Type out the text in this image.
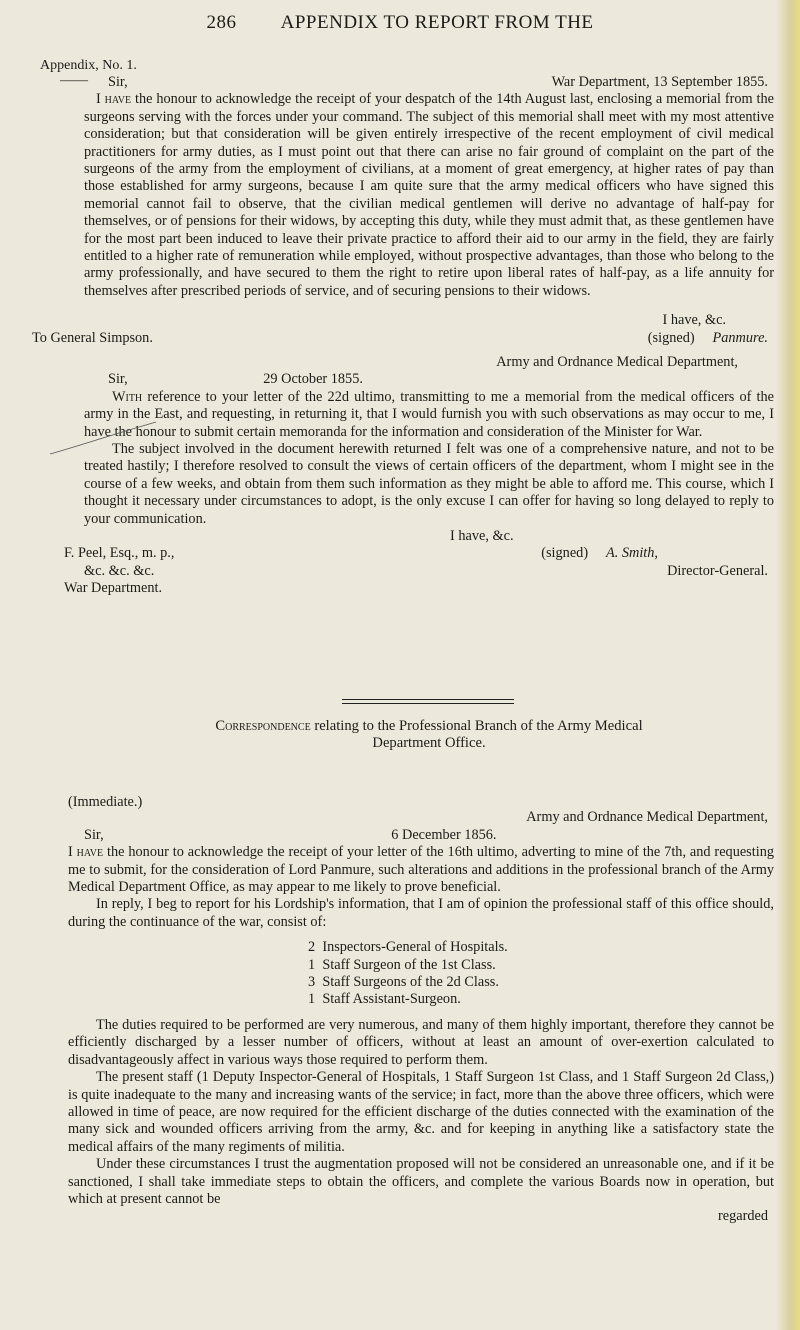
286 APPENDIX TO REPORT FROM THE
Appendix, No. 1.
—— Sir,	War Department, 13 September 1855.
I have the honour to acknowledge the receipt of your despatch of the 14th August last, enclosing a memorial from the surgeons serving with the forces under your command. The subject of this memorial shall meet with my most attentive consideration; but that consideration will be given entirely irrespective of the recent employment of civil medical practitioners for army duties, as I must point out that there can arise no fair ground of complaint on the part of the surgeons of the army from the employment of civilians, at a moment of great emergency, at higher rates of pay than those established for army surgeons, because I am quite sure that the army medical officers who have signed this memorial cannot fail to observe, that the civilian medical gentlemen will derive no advantage of half-pay for themselves, or of pensions for their widows, by accepting this duty, while they must admit that, as these gentlemen have for the most part been induced to leave their private practice to afford their aid to our army in the field, they are fairly entitled to a higher rate of remuneration while employed, without prospective advantages, than those who belong to the army professionally, and have secured to them the right to retire upon liberal rates of half-pay, as a life annuity for themselves after prescribed periods of service, and of securing pensions to their widows.
I have, &c.
To General Simpson.	(signed) Panmure.
Army and Ordnance Medical Department,
Sir,	29 October 1855.
With reference to your letter of the 22d ultimo, transmitting to me a memorial from the medical officers of the army in the East, and requesting, in returning it, that I would furnish you with such observations as may occur to me, I have the honour to submit certain memoranda for the information and consideration of the Minister for War.
The subject involved in the document herewith returned I felt was one of a comprehensive nature, and not to be treated hastily; I therefore resolved to consult the views of certain officers of the department, whom I might see in the course of a few weeks, and obtain from them such information as they might be able to afford me. This course, which I thought it necessary under circumstances to adopt, is the only excuse I can offer for having so long delayed to reply to your communication.
I have, &c.
F. Peel, Esq., m. p.,	(signed) A. Smith,
&c. &c. &c.	Director-General.
War Department.
Correspondence relating to the Professional Branch of the Army Medical
Department Office.
(Immediate.)
Army and Ordnance Medical Department,
Sir,	6 December 1856.
I have the honour to acknowledge the receipt of your letter of the 16th ultimo, adverting to mine of the 7th, and requesting me to submit, for the consideration of Lord Panmure, such alterations and additions in the professional branch of the Army Medical Department Office, as may appear to me likely to prove beneficial.
In reply, I beg to report for his Lordship's information, that I am of opinion the professional staff of this office should, during the continuance of the war, consist of:
2 Inspectors-General of Hospitals.
1 Staff Surgeon of the 1st Class.
3 Staff Surgeons of the 2d Class.
1 Staff Assistant-Surgeon.
The duties required to be performed are very numerous, and many of them highly important, therefore they cannot be efficiently discharged by a lesser number of officers, without at least an amount of over-exertion calculated to disadvantageously affect in various ways those required to perform them.
The present staff (1 Deputy Inspector-General of Hospitals, 1 Staff Surgeon 1st Class, and 1 Staff Surgeon 2d Class,) is quite inadequate to the many and increasing wants of the service; in fact, more than the above three officers, which were allowed in time of peace, are now required for the efficient discharge of the duties connected with the examination of the many sick and wounded officers arriving from the army, &c. and for keeping in anything like a satisfactory state the medical affairs of the many regiments of militia.
Under these circumstances I trust the augmentation proposed will not be considered an unreasonable one, and if it be sanctioned, I shall take immediate steps to obtain the officers, and complete the various Boards now in operation, but which at present cannot be
regarded
